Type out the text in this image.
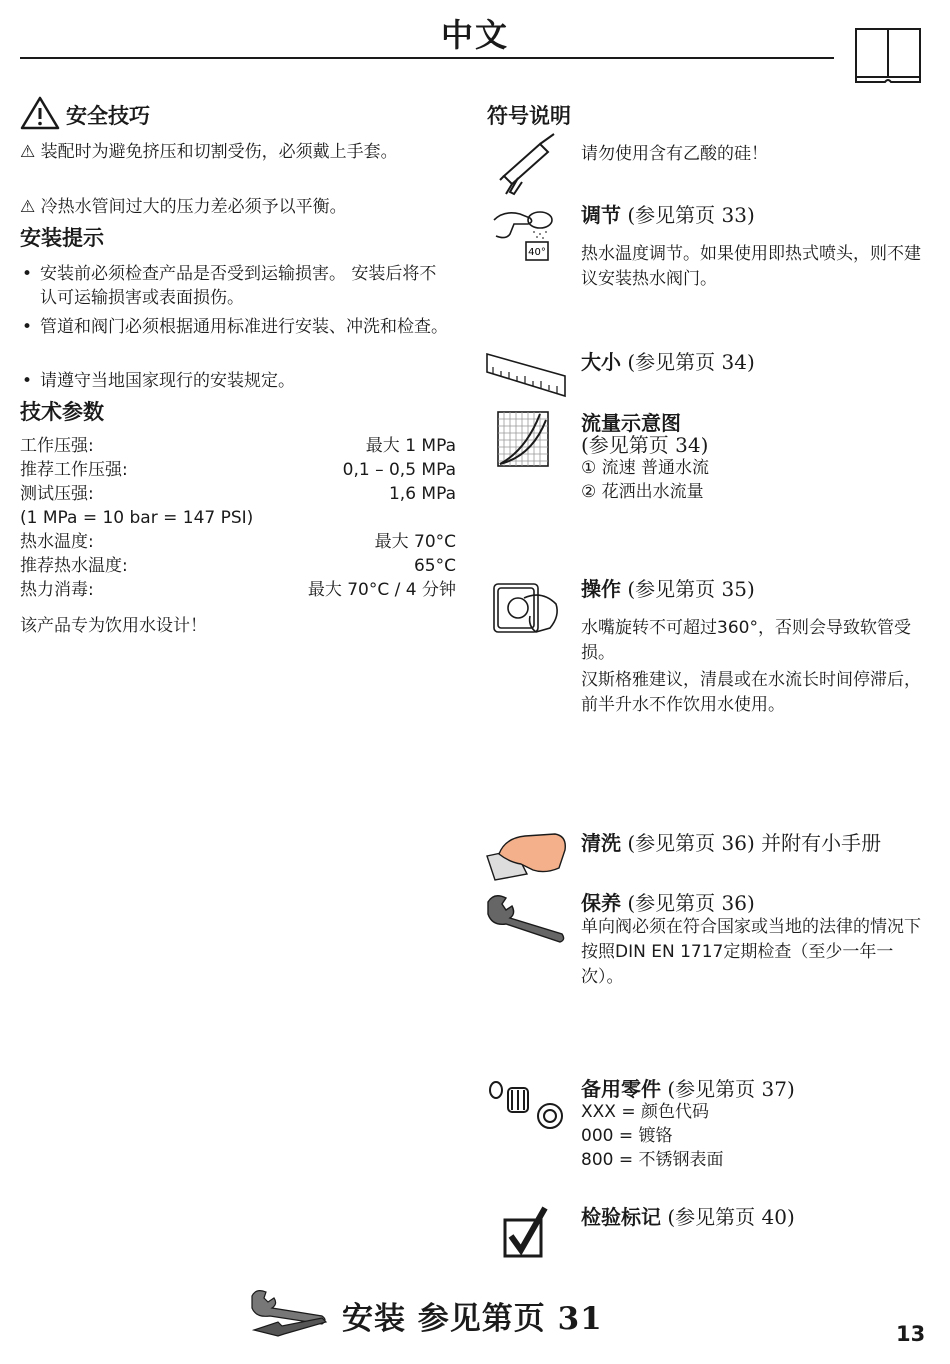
中文
安全技巧
⚠ 装配时为避免挤压和切割受伤，必须戴上手套。
⚠ 冷热水管间过大的压力差必须予以平衡。
安装提示
• 安装前必须检查产品是否受到运输损害。 安装后将不认可运输损害或表面损伤。
• 管道和阀门必须根据通用标准进行安装、冲洗和检查。
• 请遵守当地国家现行的安装规定。
技术参数
工作压强:	最大 1 MPa
推荐工作压强:	0,1 – 0,5 MPa
测试压强:	1,6 MPa
(1 MPa = 10 bar = 147 PSI)
热水温度:	最大 70°C
推荐热水温度:	65°C
热力消毒:	最大 70°C / 4 分钟
该产品专为饮用水设计！
符号说明
请勿使用含有乙酸的硅！
40°
调节 (参见第页 33)
热水温度调节。如果使用即热式喷头，则不建议安装热水阀门。
大小 (参见第页 34)
流量示意图
(参见第页 34)
① 流速 普通水流
② 花洒出水流量
操作 (参见第页 35)
水嘴旋转不可超过360°，否则会导致软管受损。
汉斯格雅建议，清晨或在水流长时间停滞后，前半升水不作饮用水使用。
清洗 (参见第页 36) 并附有小手册
保养 (参见第页 36)
单向阀必须在符合国家或当地的法律的情况下按照DIN EN 1717定期检查（至少一年一次）。
备用零件 (参见第页 37)
XXX = 颜色代码
000 = 镀铬
800 = 不锈钢表面
检验标记 (参见第页 40)
安装 参见第页 31	13
